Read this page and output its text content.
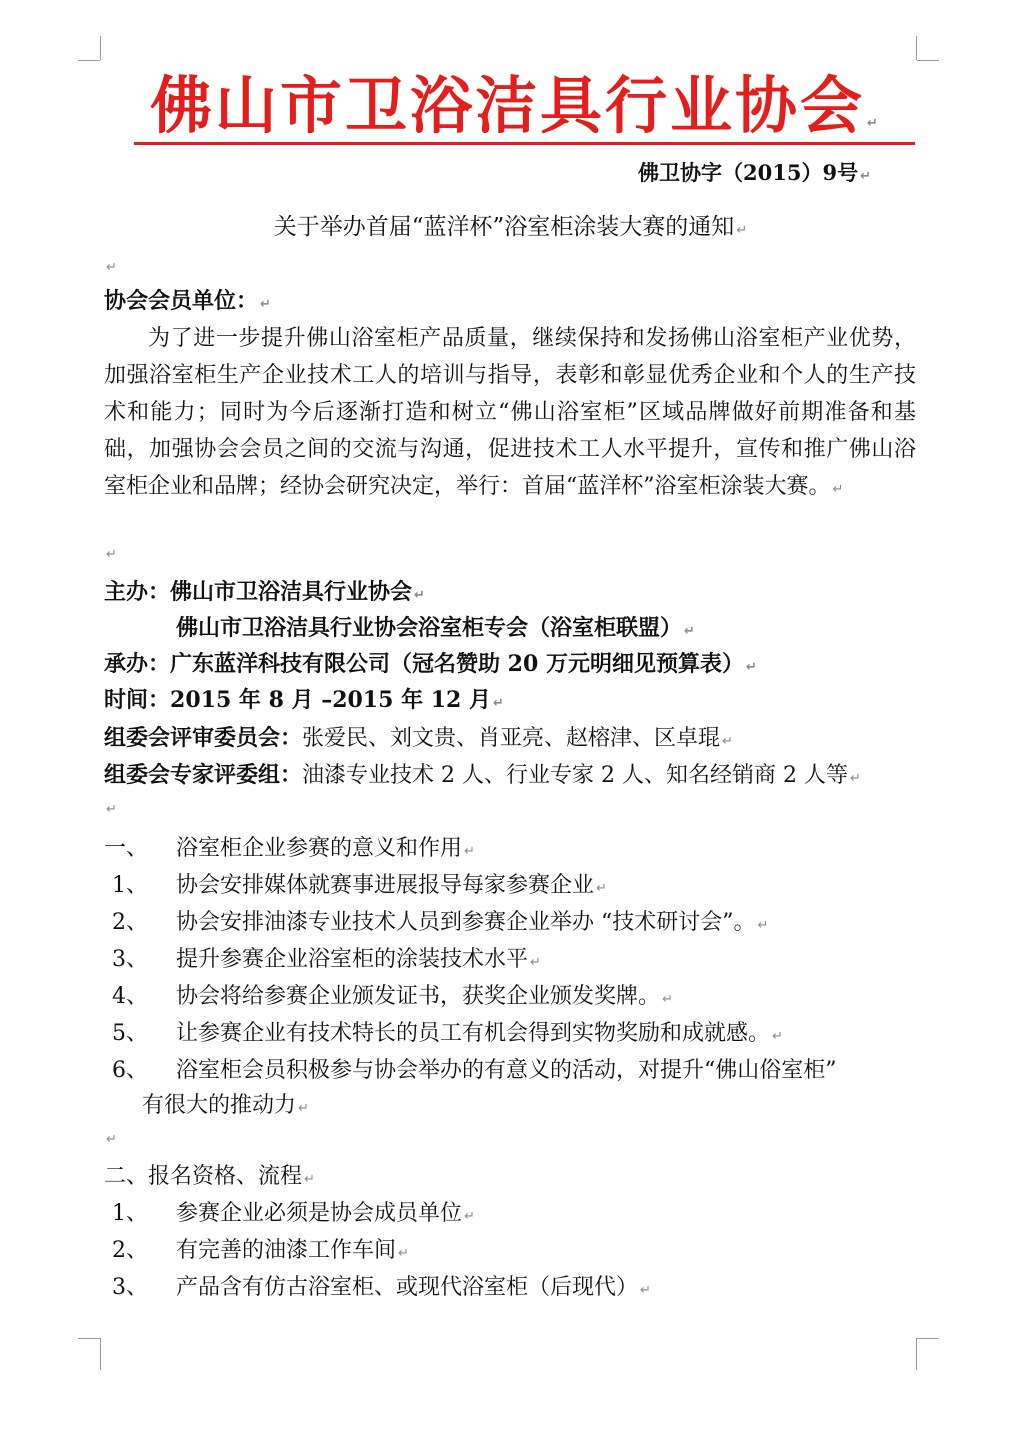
佛山市卫浴洁具行业协会 ↵
佛卫协字（2015）9号 ↵
关于举办首届“蓝洋杯”浴室柜涂装大赛的通知 ↵
↵
协会会员单位： ↵
为了进一步提升佛山浴室柜产品质量，继续保持和发扬佛山浴室柜产业优势，加强浴室柜生产企业技术工人的培训与指导，表彰和彰显优秀企业和个人的生产技术和能力；同时为今后逐渐打造和树立“佛山浴室柜”区域品牌做好前期准备和基础，加强协会会员之间的交流与沟通，促进技术工人水平提升，宣传和推广佛山浴室柜企业和品牌；经协会研究决定，举行：首届“蓝洋杯”浴室柜涂装大赛。 ↵
↵
主办：佛山市卫浴洁具行业协会 ↵
佛山市卫浴洁具行业协会浴室柜专会（浴室柜联盟） ↵
承办：广东蓝洋科技有限公司（冠名赞助 20 万元明细见预算表） ↵
时间：2015 年 8 月 –2015 年 12 月 ↵
组委会评审委员会：张爱民、刘文贵、肖亚亮、赵榕津、区卓琨 ↵
组委会专家评委组：油漆专业技术 2 人、行业专家 2 人、知名经销商 2 人等 ↵
↵
一、 浴室柜企业参赛的意义和作用 ↵
1、 协会安排媒体就赛事进展报导每家参赛企业 ↵
2、 协会安排油漆专业技术人员到参赛企业举办 “技术研讨会”。 ↵
3、 提升参赛企业浴室柜的涂装技术水平 ↵
4、 协会将给参赛企业颁发证书，获奖企业颁发奖牌。 ↵
5、 让参赛企业有技术特长的员工有机会得到实物奖励和成就感。 ↵
6、 浴室柜会员积极参与协会举办的有意义的活动，对提升“佛山俗室柜”
有很大的推动力 ↵
↵
二、报名资格、流程 ↵
1、 参赛企业必须是协会成员单位 ↵
2、 有完善的油漆工作车间 ↵
3、 产品含有仿古浴室柜、或现代浴室柜（后现代） ↵
